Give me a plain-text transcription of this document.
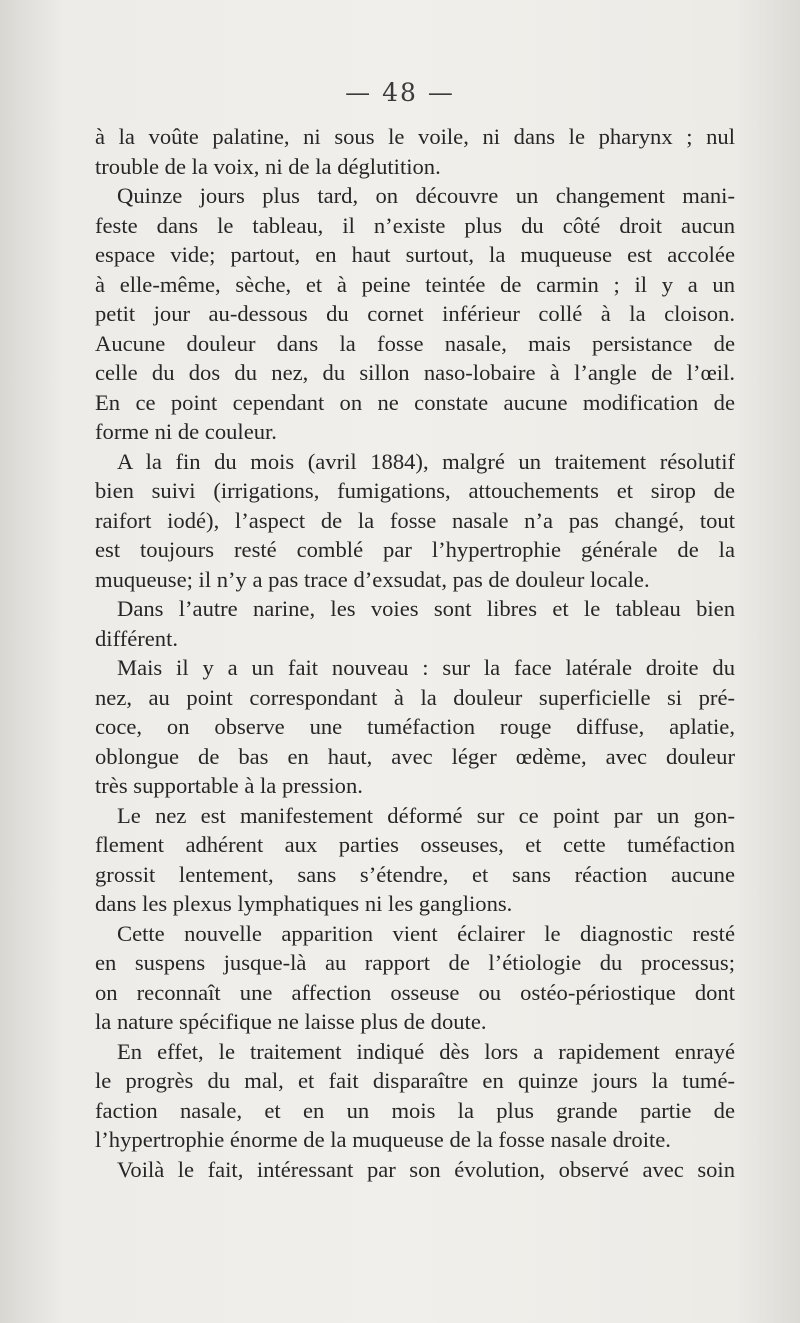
— 48 —

à la voûte palatine, ni sous le voile, ni dans le pharynx ; nul
trouble de la voix, ni de la déglutition.

Quinze jours plus tard, on découvre un changement mani-
feste dans le tableau, il n’existe plus du côté droit aucun
espace vide; partout, en haut surtout, la muqueuse est accolée
à elle-même, sèche, et à peine teintée de carmin ; il y a un
petit jour au-dessous du cornet inférieur collé à la cloison.
Aucune douleur dans la fosse nasale, mais persistance de
celle du dos du nez, du sillon naso-lobaire à l’angle de l’œil.
En ce point cependant on ne constate aucune modification de
forme ni de couleur.

A la fin du mois (avril 1884), malgré un traitement résolutif
bien suivi (irrigations, fumigations, attouchements et sirop de
raifort iodé), l’aspect de la fosse nasale n’a pas changé, tout
est toujours resté comblé par l’hypertrophie générale de la
muqueuse; il n’y a pas trace d’exsudat, pas de douleur locale.

Dans l’autre narine, les voies sont libres et le tableau bien
différent.

Mais il y a un fait nouveau : sur la face latérale droite du
nez, au point correspondant à la douleur superficielle si pré-
coce, on observe une tuméfaction rouge diffuse, aplatie,
oblongue de bas en haut, avec léger œdème, avec douleur
très supportable à la pression.

Le nez est manifestement déformé sur ce point par un gon-
flement adhérent aux parties osseuses, et cette tuméfaction
grossit lentement, sans s’étendre, et sans réaction aucune
dans les plexus lymphatiques ni les ganglions.

Cette nouvelle apparition vient éclairer le diagnostic resté
en suspens jusque-là au rapport de l’étiologie du processus;
on reconnaît une affection osseuse ou ostéo-périostique dont
la nature spécifique ne laisse plus de doute.

En effet, le traitement indiqué dès lors a rapidement enrayé
le progrès du mal, et fait disparaître en quinze jours la tumé-
faction nasale, et en un mois la plus grande partie de
l’hypertrophie énorme de la muqueuse de la fosse nasale droite.

Voilà le fait, intéressant par son évolution, observé avec soin
